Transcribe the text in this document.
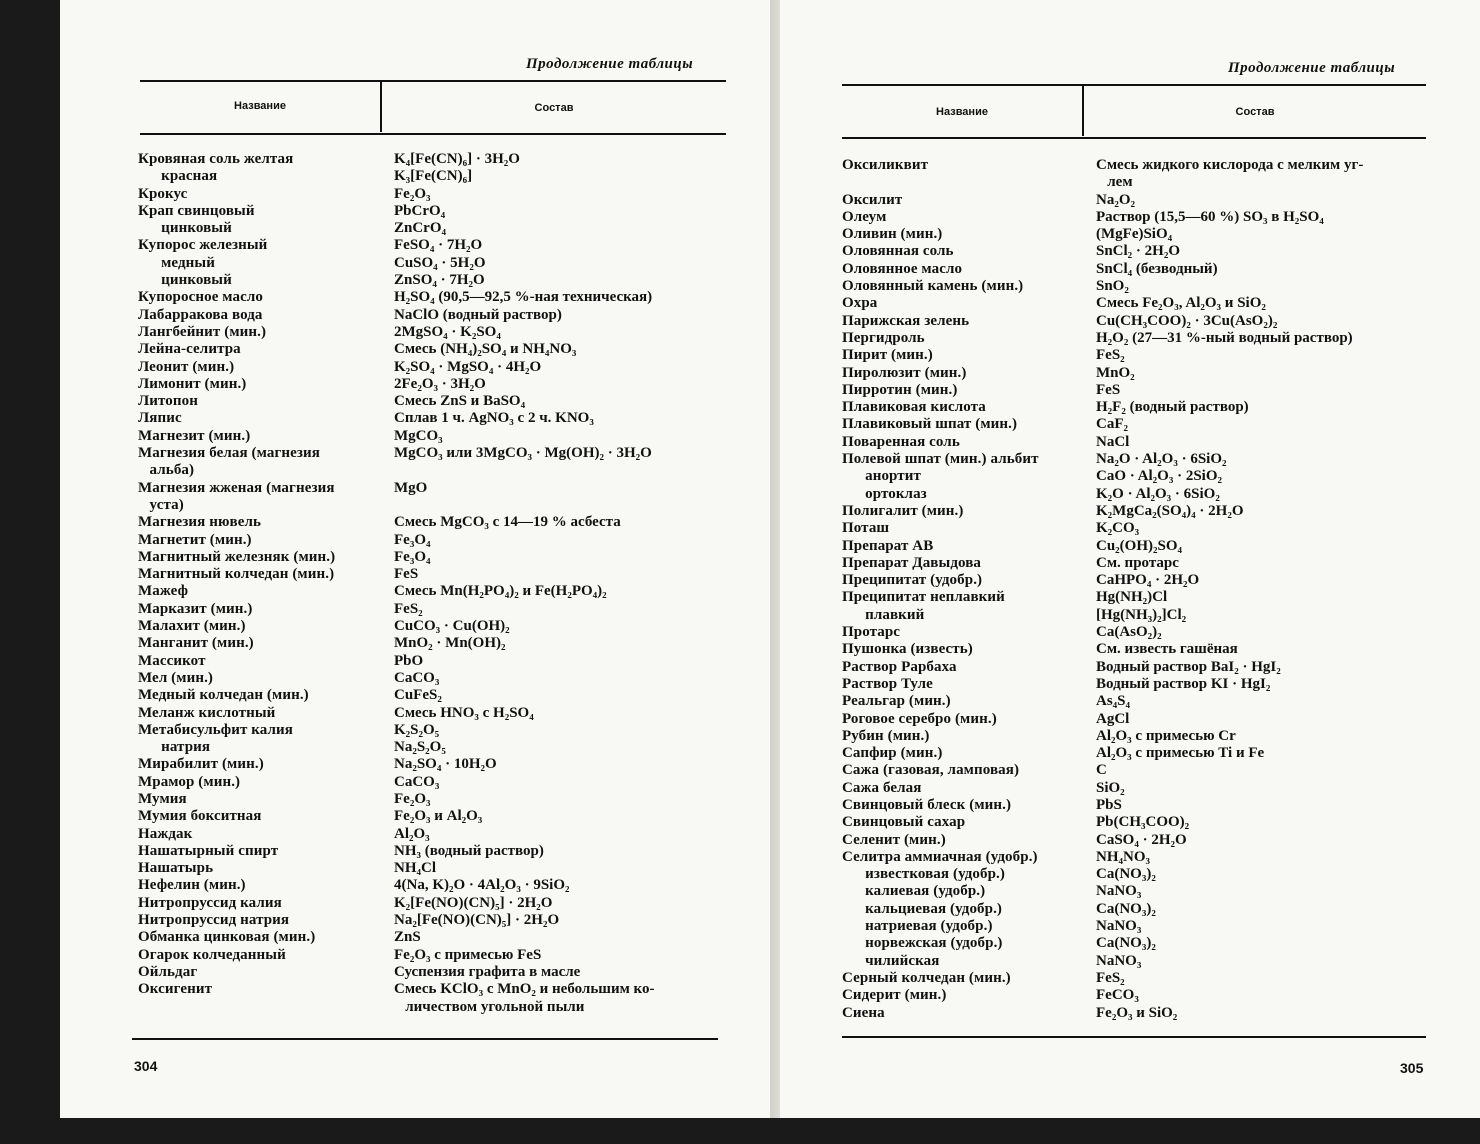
Продолжение таблицы
Название	Состав
Кровяная соль желтая	K₄[Fe(CN)₆] · 3H₂O
красная	K₃[Fe(CN)₆]
Крокус	Fe₂O₃
Крап свинцовый	PbCrO₄
цинковый	ZnCrO₄
Купорос железный	FeSO₄ · 7H₂O
медный	CuSO₄ · 5H₂O
цинковый	ZnSO₄ · 7H₂O
Купоросное масло	H₂SO₄ (90,5—92,5 %-ная техническая)
Лабарракова вода	NaClO (водный раствор)
Лангбейнит (мин.)	2MgSO₄ · K₂SO₄
Лейна-селитра	Смесь (NH₄)₂SO₄ и NH₄NO₃
Леонит (мин.)	K₂SO₄ · MgSO₄ · 4H₂O
Лимонит (мин.)	2Fe₂O₃ · 3H₂O
Литопон	Смесь ZnS и BaSO₄
Ляпис	Сплав 1 ч. AgNO₃ с 2 ч. KNO₃
Магнезит (мин.)	MgCO₃
Магнезия белая (магнезия	MgCO₃ или 3MgCO₃ · Mg(OH)₂ · 3H₂O
альба)
Магнезия жженая (магнезия	MgO
уста)
Магнезия нювель	Смесь MgCO₃ с 14—19 % асбеста
Магнетит (мин.)	Fe₃O₄
Магнитный железняк (мин.)	Fe₃O₄
Магнитный колчедан (мин.)	FeS
Мажеф	Смесь Mn(H₂PO₄)₂ и Fe(H₂PO₄)₂
Марказит (мин.)	FeS₂
Малахит (мин.)	CuCO₃ · Cu(OH)₂
Манганит (мин.)	MnO₂ · Mn(OH)₂
Массикот	PbO
Мел (мин.)	CaCO₃
Медный колчедан (мин.)	CuFeS₂
Меланж кислотный	Смесь HNO₃ с H₂SO₄
Метабисульфит калия	K₂S₂O₅
натрия	Na₂S₂O₅
Мирабилит (мин.)	Na₂SO₄ · 10H₂O
Мрамор (мин.)	CaCO₃
Мумия	Fe₂O₃
Мумия бокситная	Fe₂O₃ и Al₂O₃
Наждак	Al₂O₃
Нашатырный спирт	NH₃ (водный раствор)
Нашатырь	NH₄Cl
Нефелин (мин.)	4(Na, K)₂O · 4Al₂O₃ · 9SiO₂
Нитропруссид калия	K₂[Fe(NO)(CN)₅] · 2H₂O
Нитропруссид натрия	Na₂[Fe(NO)(CN)₅] · 2H₂O
Обманка цинковая (мин.)	ZnS
Огарок колчеданный	Fe₂O₃ с примесью FeS
Ойльдаг	Суспензия графита в масле
Оксигенит	Смесь KClO₃ с MnO₂ и небольшим ко-
личеством угольной пыли
304
Продолжение таблицы
Название	Состав
Оксиликвит	Смесь жидкого кислорода с мелким уг-
лем
Оксилит	Na₂O₂
Олеум	Раствор (15,5—60 %) SO₃ в H₂SO₄
Оливин (мин.)	(MgFe)SiO₄
Оловянная соль	SnCl₂ · 2H₂O
Оловянное масло	SnCl₄ (безводный)
Оловянный камень (мин.)	SnO₂
Охра	Смесь Fe₂O₃, Al₂O₃ и SiO₂
Парижская зелень	Cu(CH₃COO)₂ · 3Cu(AsO₂)₂
Пергидроль	H₂O₂ (27—31 %-ный водный раствор)
Пирит (мин.)	FeS₂
Пиролюзит (мин.)	MnO₂
Пирротин (мин.)	FeS
Плавиковая кислота	H₂F₂ (водный раствор)
Плавиковый шпат (мин.)	CaF₂
Поваренная соль	NaCl
Полевой шпат (мин.) альбит	Na₂O · Al₂O₃ · 6SiO₂
анортит	CaO · Al₂O₃ · 2SiO₂
ортоклаз	K₂O · Al₂O₃ · 6SiO₂
Полигалит (мин.)	K₂MgCa₂(SO₄)₄ · 2H₂O
Поташ	K₂CO₃
Препарат АВ	Cu₂(OH)₂SO₄
Препарат Давыдова	См. протарс
Преципитат (удобр.)	CaHPO₄ · 2H₂O
Преципитат неплавкий	Hg(NH₂)Cl
плавкий	[Hg(NH₃)₂]Cl₂
Протарс	Ca(AsO₂)₂
Пушонка (известь)	См. известь гашёная
Раствор Рарбаха	Водный раствор BaI₂ · HgI₂
Раствор Туле	Водный раствор KI · HgI₂
Реальгар (мин.)	As₄S₄
Роговое серебро (мин.)	AgCl
Рубин (мин.)	Al₂O₃ с примесью Cr
Сапфир (мин.)	Al₂O₃ с примесью Ti и Fe
Сажа (газовая, ламповая)	C
Сажа белая	SiO₂
Свинцовый блеск (мин.)	PbS
Свинцовый сахар	Pb(CH₃COO)₂
Селенит (мин.)	CaSO₄ · 2H₂O
Селитра аммиачная (удобр.)	NH₄NO₃
известковая (удобр.)	Ca(NO₃)₂
калиевая (удобр.)	NaNO₃
кальциевая (удобр.)	Ca(NO₃)₂
натриевая (удобр.)	NaNO₃
норвежская (удобр.)	Ca(NO₃)₂
чилийская	NaNO₃
Серный колчедан (мин.)	FeS₂
Сидерит (мин.)	FeCO₃
Сиена	Fe₂O₃ и SiO₂
305
